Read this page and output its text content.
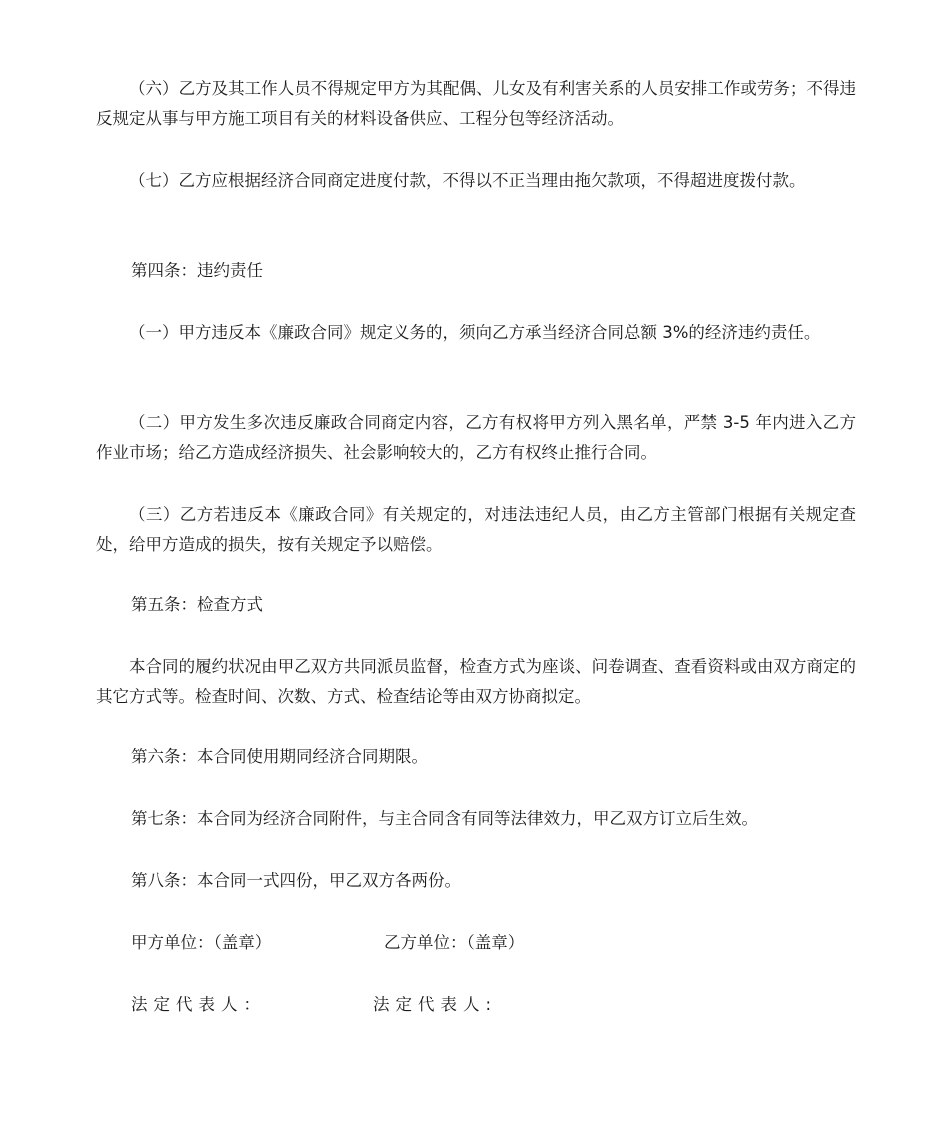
（六）乙方及其工作人员不得规定甲方为其配偶、儿女及有利害关系的人员安排工作或劳务；不得违反规定从事与甲方施工项目有关的材料设备供应、工程分包等经济活动。
（七）乙方应根据经济合同商定进度付款，不得以不正当理由拖欠款项，不得超进度拨付款。
第四条：违约责任
（一）甲方违反本《廉政合同》规定义务的，须向乙方承当经济合同总额 3%的经济违约责任。
（二）甲方发生多次违反廉政合同商定内容，乙方有权将甲方列入黑名单，严禁 3-5 年内进入乙方作业市场；给乙方造成经济损失、社会影响较大的，乙方有权终止推行合同。
（三）乙方若违反本《廉政合同》有关规定的，对违法违纪人员，由乙方主管部门根据有关规定查处，给甲方造成的损失，按有关规定予以赔偿。
第五条：检查方式
本合同的履约状况由甲乙双方共同派员监督，检查方式为座谈、问卷调查、查看资料或由双方商定的其它方式等。检查时间、次数、方式、检查结论等由双方协商拟定。
第六条：本合同使用期同经济合同期限。
第七条：本合同为经济合同附件，与主合同含有同等法律效力，甲乙双方订立后生效。
第八条：本合同一式四份，甲乙双方各两份。
甲方单位：（盖章）	乙方单位：（盖章）
法定代表人：	法定代表人:
